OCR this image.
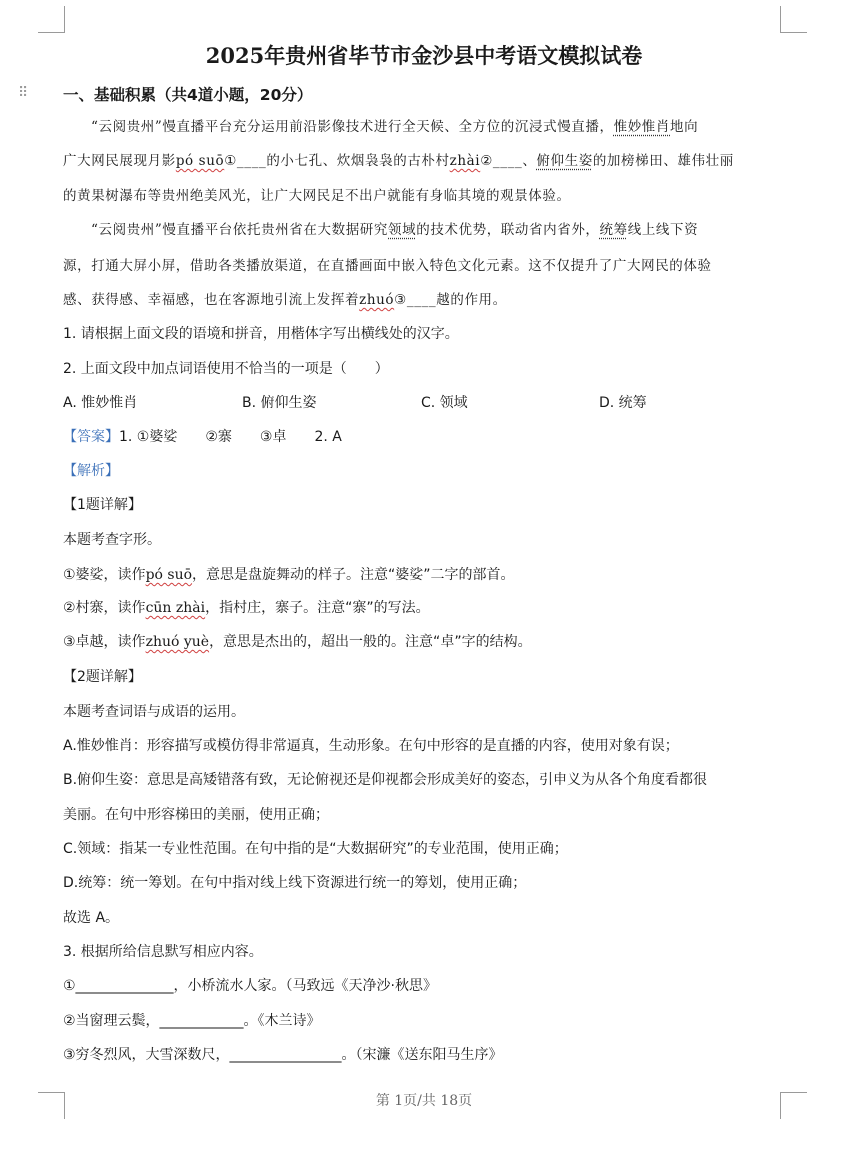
⠿
2025年贵州省毕节市金沙县中考语文模拟试卷
一、基础积累（共4道小题，20分）
“云阅贵州”慢直播平台充分运用前沿影像技术进行全天候、全方位的沉浸式慢直播，惟妙惟肖地向
广大网民展现月影pó suō①____的小七孔、炊烟袅袅的古朴村zhài②____、俯仰生姿的加榜梯田、雄伟壮丽
的黄果树瀑布等贵州绝美风光，让广大网民足不出户就能有身临其境的观景体验。
“云阅贵州”慢直播平台依托贵州省在大数据研究领域的技术优势，联动省内省外，统筹线上线下资
源，打通大屏小屏，借助各类播放渠道，在直播画面中嵌入特色文化元素。这不仅提升了广大网民的体验
感、获得感、幸福感，也在客源地引流上发挥着zhuó③____越的作用。
1. 请根据上面文段的语境和拼音，用楷体字写出横线处的汉字。
2. 上面文段中加点词语使用不恰当的一项是（　　）
A. 惟妙惟肖	B. 俯仰生姿	C. 领域	D. 统筹
【答案】1. ①婆娑　　②寨　　③卓　　2. A
【解析】
【1题详解】
本题考查字形。
①婆娑，读作pó suō，意思是盘旋舞动的样子。注意“婆娑”二字的部首。
②村寨，读作cūn zhài，指村庄，寨子。注意“寨”的写法。
③卓越，读作zhuó yuè，意思是杰出的，超出一般的。注意“卓”字的结构。
【2题详解】
本题考查词语与成语的运用。
A.惟妙惟肖：形容描写或模仿得非常逼真，生动形象。在句中形容的是直播的内容，使用对象有误；
B.俯仰生姿：意思是高矮错落有致，无论俯视还是仰视都会形成美好的姿态，引申义为从各个角度看都很
美丽。在句中形容梯田的美丽，使用正确；
C.领域：指某一专业性范围。在句中指的是“大数据研究”的专业范围，使用正确；
D.统筹：统一筹划。在句中指对线上线下资源进行统一的筹划，使用正确；
故选 A。
3. 根据所给信息默写相应内容。
①______________，小桥流水人家。（马致远《天净沙·秋思》
②当窗理云鬓，____________。《木兰诗》
③穷冬烈风，大雪深数尺，________________。（宋濂《送东阳马生序》
第 1页/共 18页
